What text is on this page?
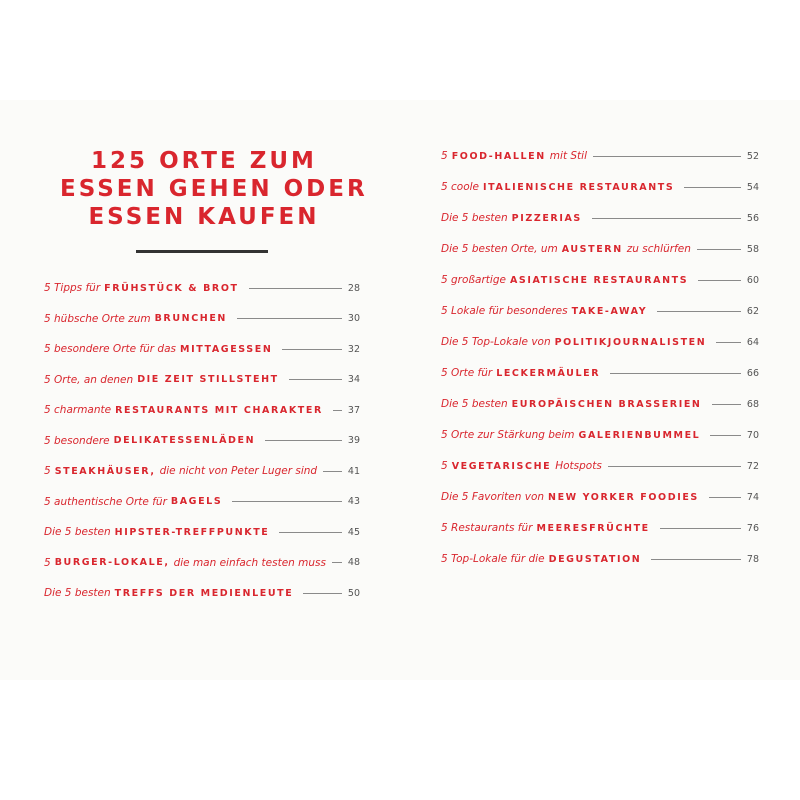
125 ORTE ZUM
ESSEN GEHEN ODER
ESSEN KAUFEN
5 Tipps für FRÜHSTÜCK & BROT	28
5 hübsche Orte zum BRUNCHEN	30
5 besondere Orte für das MITTAGESSEN	32
5 Orte, an denen DIE ZEIT STILLSTEHT	34
5 charmante RESTAURANTS MIT CHARAKTER	37
5 besondere DELIKATESSENLÄDEN	39
5 STEAKHÄUSER, die nicht von Peter Luger sind	41
5 authentische Orte für BAGELS	43
Die 5 besten HIPSTER-TREFFPUNKTE	45
5 BURGER-LOKALE, die man einfach testen muss 48
Die 5 besten TREFFS DER MEDIENLEUTE	50
5 FOOD-HALLEN mit Stil	52
5 coole ITALIENISCHE RESTAURANTS	54
Die 5 besten PIZZERIAS	56
Die 5 besten Orte, um AUSTERN zu schlürfen	58
5 großartige ASIATISCHE RESTAURANTS	60
5 Lokale für besonderes TAKE-AWAY	62
Die 5 Top-Lokale von POLITIKJOURNALISTEN	64
5 Orte für LECKERMÄULER	66
Die 5 besten EUROPÄISCHEN BRASSERIEN	68
5 Orte zur Stärkung beim GALERIENBUMMEL	70
5 VEGETARISCHE Hotspots	72
Die 5 Favoriten von NEW YORKER FOODIES	74
5 Restaurants für MEERESFRÜCHTE	76
5 Top-Lokale für die DEGUSTATION	78
